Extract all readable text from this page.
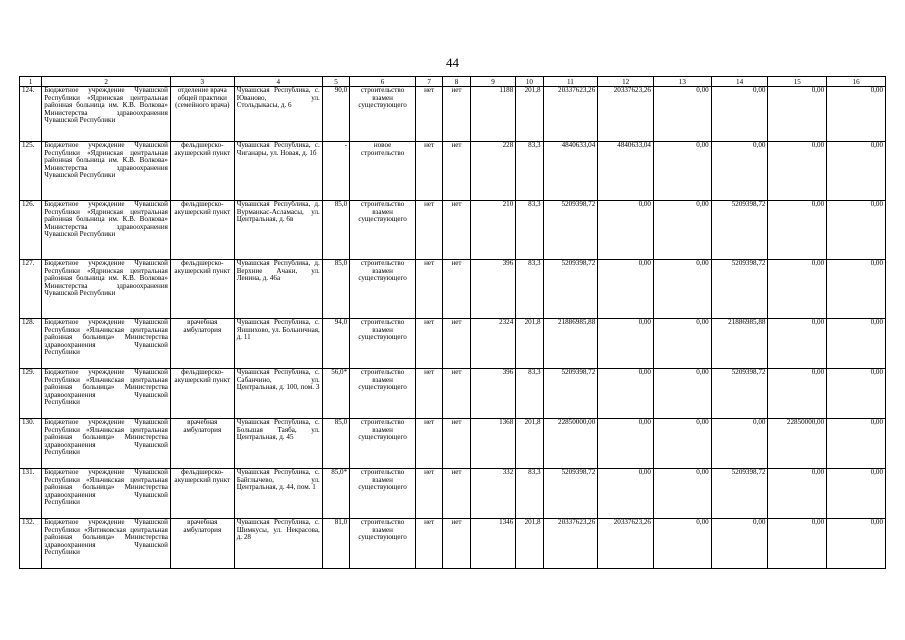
44
1	2	3	4	5	6	7	8	9	10	11	12	13	14	15	16
124.	Бюджетное учреждение Чувашской Республики «Ядринская центральная районная больница им. К.В. Волкова» Министерства здравоохранения Чувашской Республики	отделение врача общей практики (семейного врача)	Чувашская Республика, с. Юваново, ул. Стольдыкасы, д. 6	90,0	строительство взамен существующего	нет	нет	1188	201,8	20337623,26	20337623,26	0,00	0,00	0,00	0,00
125.	Бюджетное учреждение Чувашской Республики «Ядринская центральная районная больница им. К.В. Волкова» Министерства здравоохранения Чувашской Республики	фельдшерско-акушерский пункт	Чувашская Республика, с. Чиганары, ул. Новая, д. 1б	-	новое строительство	нет	нет	228	83,3	4840633,04	4840633,04	0,00	0,00	0,00	0,00
126.	Бюджетное учреждение Чувашской Республики «Ядринская центральная районная больница им. К.В. Волкова» Министерства здравоохранения Чувашской Республики	фельдшерско-акушерский пункт	Чувашская Республика, д. Вурманкас-Асламасы, ул. Центральная, д. 6в	85,0	строительство взамен существующего	нет	нет	210	83,3	5209398,72	0,00	0,00	5209398,72	0,00	0,00
127.	Бюджетное учреждение Чувашской Республики «Ядринская центральная районная больница им. К.В. Волкова» Министерства здравоохранения Чувашской Республики	фельдшерско-акушерский пункт	Чувашская Республика, д. Верхние Ачаки, ул. Ленина, д. 46а	85,0	строительство взамен существующего	нет	нет	396	83,3	5209398,72	0,00	0,00	5209398,72	0,00	0,00
128.	Бюджетное учреждение Чувашской Республики «Яльчикская центральная районная больница» Министерства здравоохранения Чувашской Республики	врачебная амбулатория	Чувашская Республика, с. Яншихово, ул. Больничная, д. 11	94,0	строительство взамен существующего	нет	нет	2324	201,8	21886985,88	0,00	0,00	21886985,88	0,00	0,00
129.	Бюджетное учреждение Чувашской Республики «Яльчикская центральная районная больница» Министерства здравоохранения Чувашской Республики	фельдшерско-акушерский пункт	Чувашская Республика, с. Сабанчино, ул. Центральная, д. 100, пом. 3	56,0*	строительство взамен существующего	нет	нет	396	83,3	5209398,72	0,00	0,00	5209398,72	0,00	0,00
130.	Бюджетное учреждение Чувашской Республики «Яльчикская центральная районная больница» Министерства здравоохранения Чувашской Республики	врачебная амбулатория	Чувашская Республика, с. Большая Таяба, ул. Центральная, д. 45	85,0	строительство взамен существующего	нет	нет	1368	201,8	22850000,00	0,00	0,00	0,00	22850000,00	0,00
131.	Бюджетное учреждение Чувашской Республики «Яльчикская центральная районная больница» Министерства здравоохранения Чувашской Республики	фельдшерско-акушерский пункт	Чувашская Республика, с. Байглычево, ул. Центральная, д. 44, пом. 1	85,0*	строительство взамен существующего	нет	нет	332	83,3	5209398,72	0,00	0,00	5209398,72	0,00	0,00
132.	Бюджетное учреждение Чувашской Республики «Янтиковская центральная районная больница» Министерства здравоохранения Чувашской Республики	врачебная амбулатория	Чувашская Республика, с. Шимкусы, ул. Некрасова, д. 28	81,0	строительство взамен существующего	нет	нет	1346	201,8	20337623,26	20337623,26	0,00	0,00	0,00	0,00
